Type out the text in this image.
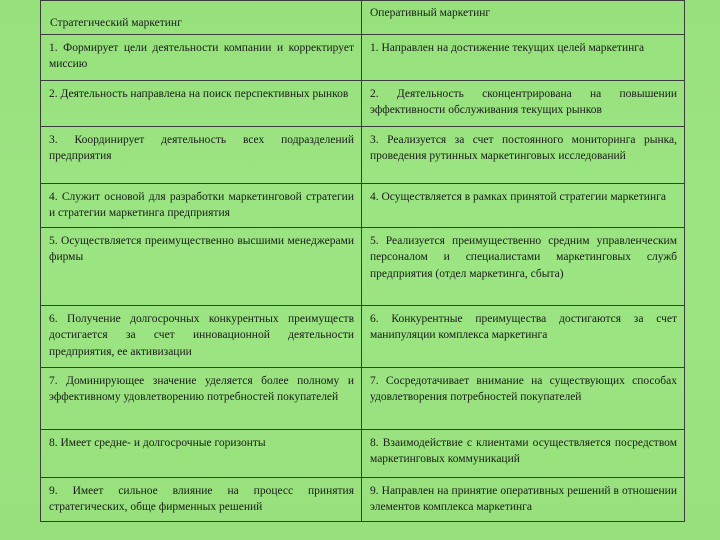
Стратегический маркетинг	Оперативный маркетинг

1. Формирует цели деятельности компании и корректирует миссию	1. Направлен на достижение текущих целей маркетинга
2. Деятельность направлена на поиск перспективных рынков	2. Деятельность сконцентрирована на повышении эффективности обслуживания текущих рынков
3. Координирует деятельность всех подразделений предприятия	3. Реализуется за счет постоянного мониторинга рынка, проведения рутинных маркетинговых исследований
4. Служит основой для разработки маркетинговой стратегии и стратегии маркетинга предприятия	4. Осуществляется в рамках принятой стратегии маркетинга
5. Осуществляется преимущественно высшими менеджерами фирмы	5. Реализуется преимущественно средним управленческим персоналом и специалистами маркетинговых служб предприятия (отдел маркетинга, сбыта)
6. Получение долгосрочных конкурентных преимуществ достигается за счет инновационной деятельности предприятия, ее активизации	6. Конкурентные преимущества достигаются за счет манипуляции комплекса маркетинга
7. Доминирующее значение уделяется более полному и эффективному удовлетворению потребностей покупателей	7. Сосредотачивает внимание на существующих способах удовлетворения потребностей покупателей
8. Имеет средне- и долгосрочные горизонты	8. Взаимодействие с клиентами осуществляется посредством маркетинговых коммуникаций
9. Имеет сильное влияние на процесс принятия стратегических, обще фирменных решений	9. Направлен на принятие оперативных решений в отношении элементов комплекса маркетинга
